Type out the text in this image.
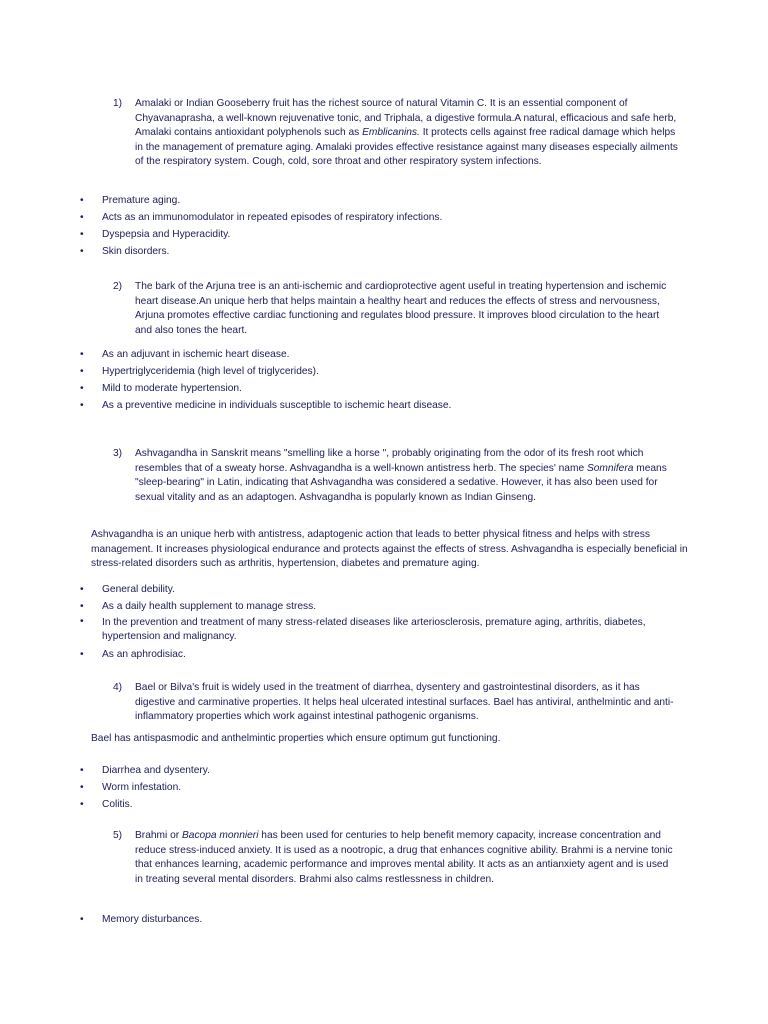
1) Amalaki or Indian Gooseberry fruit has the richest source of natural Vitamin C. It is an essential component of Chyavanaprasha, a well-known rejuvenative tonic, and Triphala, a digestive formula.A natural, efficacious and safe herb, Amalaki contains antioxidant polyphenols such as Emblicanins. It protects cells against free radical damage which helps in the management of premature aging. Amalaki provides effective resistance against many diseases especially ailments of the respiratory system. Cough, cold, sore throat and other respiratory system infections.
• Premature aging.
• Acts as an immunomodulator in repeated episodes of respiratory infections.
• Dyspepsia and Hyperacidity.
• Skin disorders.
2) The bark of the Arjuna tree is an anti-ischemic and cardioprotective agent useful in treating hypertension and ischemic heart disease.An unique herb that helps maintain a healthy heart and reduces the effects of stress and nervousness, Arjuna promotes effective cardiac functioning and regulates blood pressure. It improves blood circulation to the heart and also tones the heart.
• As an adjuvant in ischemic heart disease.
• Hypertriglyceridemia (high level of triglycerides).
• Mild to moderate hypertension.
• As a preventive medicine in individuals susceptible to ischemic heart disease.
3) Ashvagandha in Sanskrit means "smelling like a horse ", probably originating from the odor of its fresh root which resembles that of a sweaty horse. Ashvagandha is a well-known antistress herb. The species' name Somnifera means "sleep-bearing" in Latin, indicating that Ashvagandha was considered a sedative. However, it has also been used for sexual vitality and as an adaptogen. Ashvagandha is popularly known as Indian Ginseng.
Ashvagandha is an unique herb with antistress, adaptogenic action that leads to better physical fitness and helps with stress management. It increases physiological endurance and protects against the effects of stress. Ashvagandha is especially beneficial in stress-related disorders such as arthritis, hypertension, diabetes and premature aging.
• General debility.
• As a daily health supplement to manage stress.
• In the prevention and treatment of many stress-related diseases like arteriosclerosis, premature aging, arthritis, diabetes, hypertension and malignancy.
• As an aphrodisiac.
4) Bael or Bilva's fruit is widely used in the treatment of diarrhea, dysentery and gastrointestinal disorders, as it has digestive and carminative properties. It helps heal ulcerated intestinal surfaces. Bael has antiviral, anthelmintic and anti-inflammatory properties which work against intestinal pathogenic organisms.
Bael has antispasmodic and anthelmintic properties which ensure optimum gut functioning.
• Diarrhea and dysentery.
• Worm infestation.
• Colitis.
5) Brahmi or Bacopa monnieri has been used for centuries to help benefit memory capacity, increase concentration and reduce stress-induced anxiety. It is used as a nootropic, a drug that enhances cognitive ability. Brahmi is a nervine tonic that enhances learning, academic performance and improves mental ability. It acts as an antianxiety agent and is used in treating several mental disorders. Brahmi also calms restlessness in children.
• Memory disturbances.
